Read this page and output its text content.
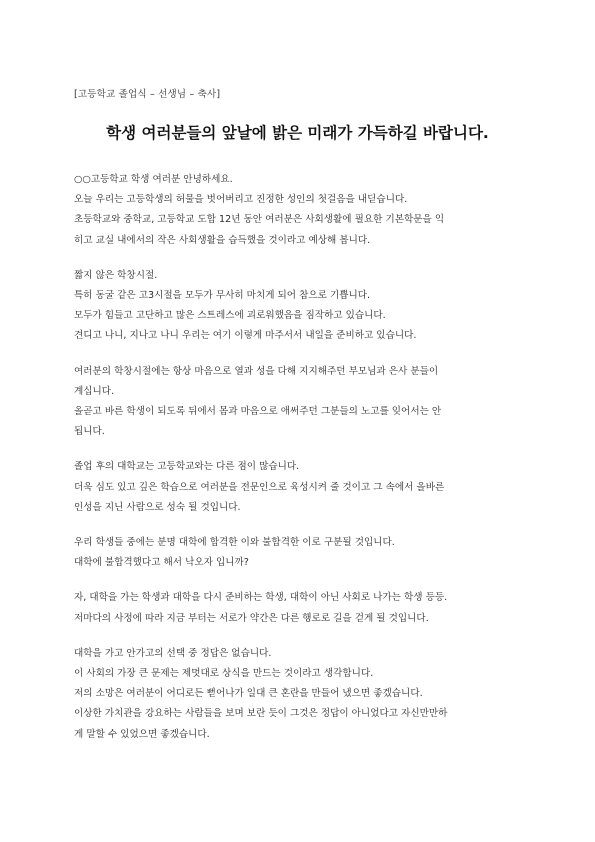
[고등학교 졸업식 – 선생님 – 축사]
학생 여러분들의 앞날에 밝은 미래가 가득하길 바랍니다.
○○고등학교 학생 여러분 안녕하세요.
오늘 우리는 고등학생의 허물을 벗어버리고 진정한 성인의 첫걸음을 내딛습니다.
초등학교와 중학교, 고등학교 도합 12년 동안 여러분은 사회생활에 필요한 기본학문을 익
히고 교실 내에서의 작은 사회생활을 습득했을 것이라고 예상해 봅니다.
짧지 않은 학창시절.
특히 동굴 같은 고3시절을 모두가 무사히 마치게 되어 참으로 기쁩니다.
모두가 힘들고 고단하고 많은 스트레스에 괴로워했음을 짐작하고 있습니다.
견디고 나니, 지나고 나니 우리는 여기 이렇게 마주서서 내일을 준비하고 있습니다.
여러분의 학창시절에는 항상 마음으로 열과 성을 다해 지지해주던 부모님과 은사 분들이
계십니다.
올곧고 바른 학생이 되도록 뒤에서 몸과 마음으로 애써주던 그분들의 노고를 잊어서는 안
됩니다.
졸업 후의 대학교는 고등학교와는 다른 점이 많습니다.
더욱 심도 있고 깊은 학습으로 여러분을 전문인으로 육성시켜 줄 것이고 그 속에서 올바른
인성을 지닌 사람으로 성숙 될 것입니다.
우리 학생들 중에는 분명 대학에 합격한 이와 불합격한 이로 구분될 것입니다.
대학에 불합격했다고 해서 낙오자 입니까?
자, 대학을 가는 학생과 대학을 다시 준비하는 학생, 대학이 아닌 사회로 나가는 학생 등등.
저마다의 사정에 따라 지금 부터는 서로가 약간은 다른 행로로 길을 걷게 될 것입니다.
대학을 가고 안가고의 선택 중 정답은 없습니다.
이 사회의 가장 큰 문제는 제멋대로 상식을 만드는 것이라고 생각합니다.
저의 소망은 여러분이 어디로든 뻗어나가 일대 큰 혼란을 만들어 냈으면 좋겠습니다.
이상한 가치관을 강요하는 사람들을 보며 보란 듯이 그것은 정답이 아니었다고 자신만만하
게 말할 수 있었으면 좋겠습니다.
